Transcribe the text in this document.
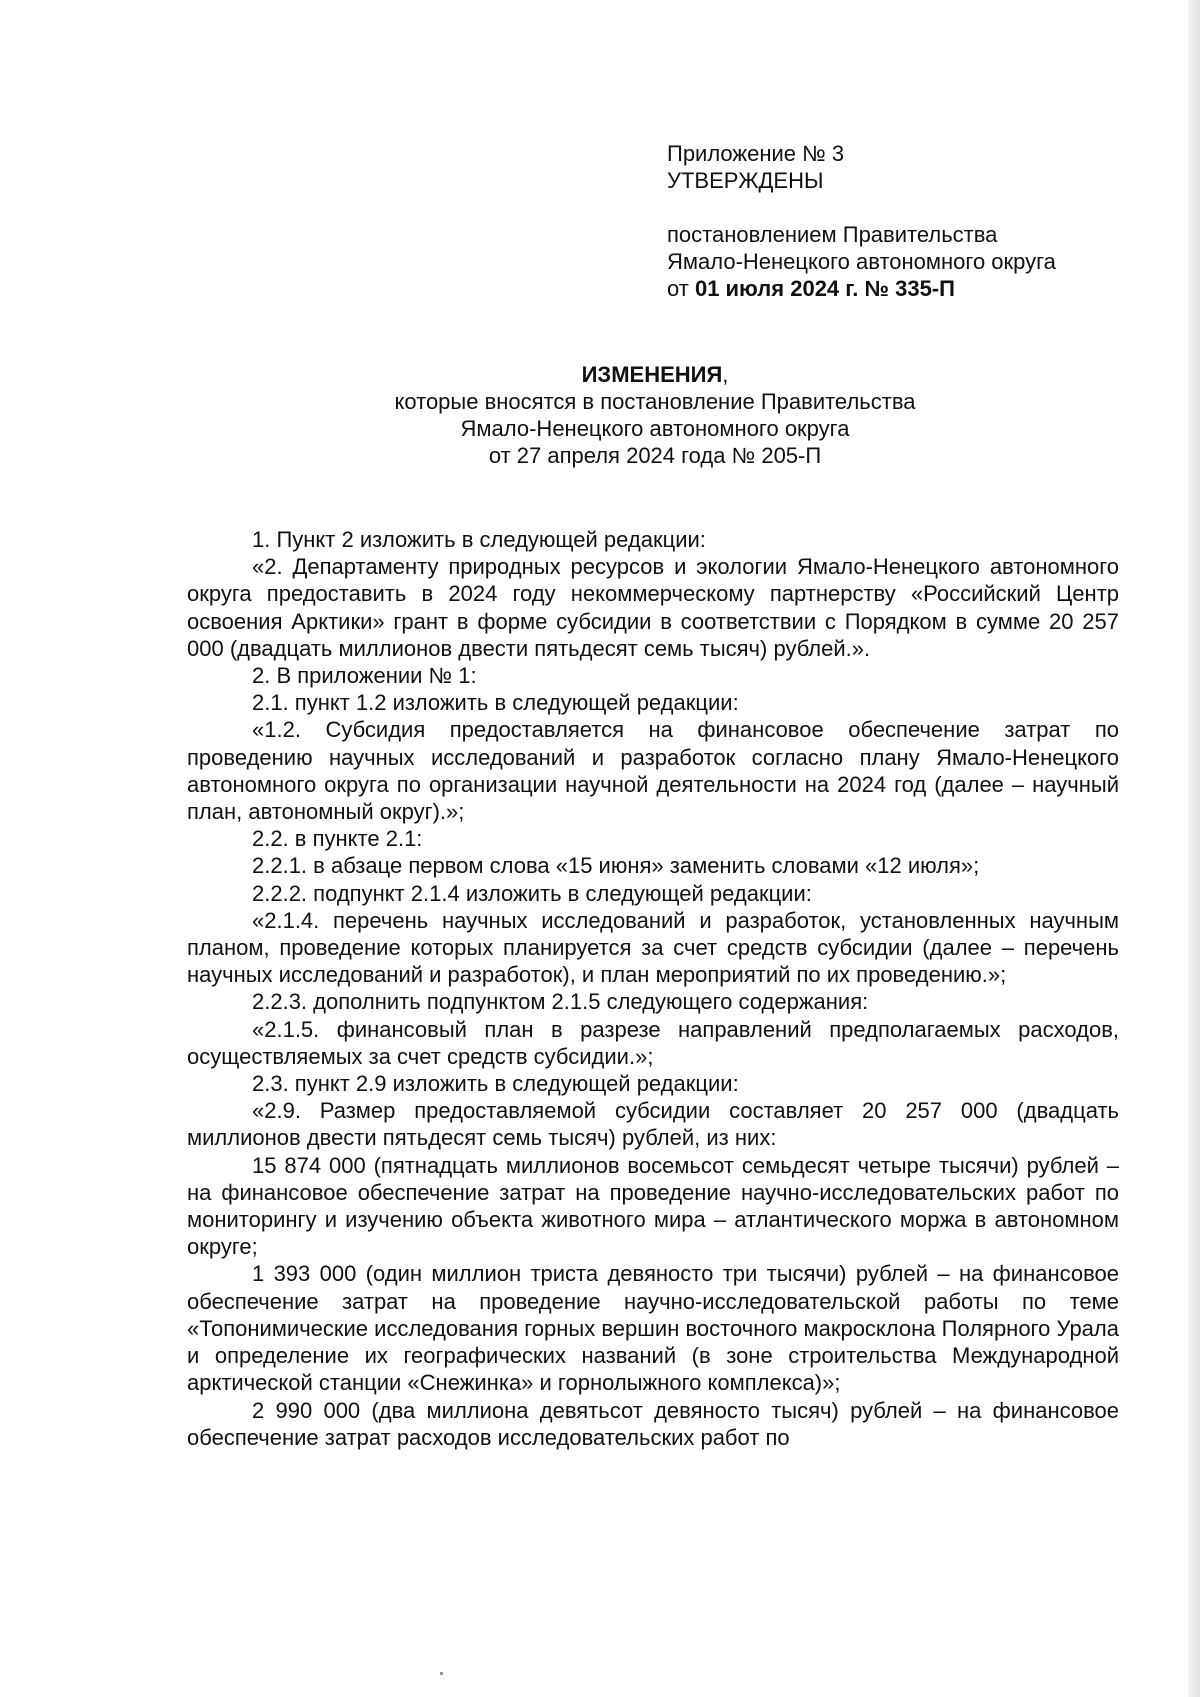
Приложение № 3
УТВЕРЖДЕНЫ
постановлением Правительства
Ямало-Ненецкого автономного округа
от 01 июля 2024 г. № 335-П
ИЗМЕНЕНИЯ,
которые вносятся в постановление Правительства
Ямало-Ненецкого автономного округа
от 27 апреля 2024 года № 205-П

1. Пункт 2 изложить в следующей редакции:

«2. Департаменту природных ресурсов и экологии Ямало-Ненецкого автономного округа предоставить в 2024 году некоммерческому партнерству «Российский Центр освоения Арктики» грант в форме субсидии в соответствии с Порядком в сумме 20 257 000 (двадцать миллионов двести пятьдесят семь тысяч) рублей.».

2. В приложении № 1:

2.1. пункт 1.2 изложить в следующей редакции:

«1.2. Субсидия предоставляется на финансовое обеспечение затрат по проведению научных исследований и разработок согласно плану Ямало-Ненецкого автономного округа по организации научной деятельности на 2024 год (далее – научный план, автономный округ).»;

2.2. в пункте 2.1:

2.2.1. в абзаце первом слова «15 июня» заменить словами «12 июля»;

2.2.2. подпункт 2.1.4 изложить в следующей редакции:

«2.1.4. перечень научных исследований и разработок, установленных научным планом, проведение которых планируется за счет средств субсидии (далее – перечень научных исследований и разработок), и план мероприятий по их проведению.»;

2.2.3. дополнить подпунктом 2.1.5 следующего содержания:

«2.1.5. финансовый план в разрезе направлений предполагаемых расходов, осуществляемых за счет средств субсидии.»;

2.3. пункт 2.9 изложить в следующей редакции:

«2.9. Размер предоставляемой субсидии составляет 20 257 000 (двадцать миллионов двести пятьдесят семь тысяч) рублей, из них:

15 874 000 (пятнадцать миллионов восемьсот семьдесят четыре тысячи) рублей – на финансовое обеспечение затрат на проведение научно-исследовательских работ по мониторингу и изучению объекта животного мира – атлантического моржа в автономном округе;

1 393 000 (один миллион триста девяносто три тысячи) рублей – на финансовое обеспечение затрат на проведение научно-исследовательской работы по теме «Топонимические исследования горных вершин восточного макросклона Полярного Урала и определение их географических названий (в зоне строительства Международной арктической станции «Снежинка» и горнолыжного комплекса)»;

2 990 000 (два миллиона девятьсот девяносто тысяч) рублей – на финансовое обеспечение затрат расходов исследовательских работ по
